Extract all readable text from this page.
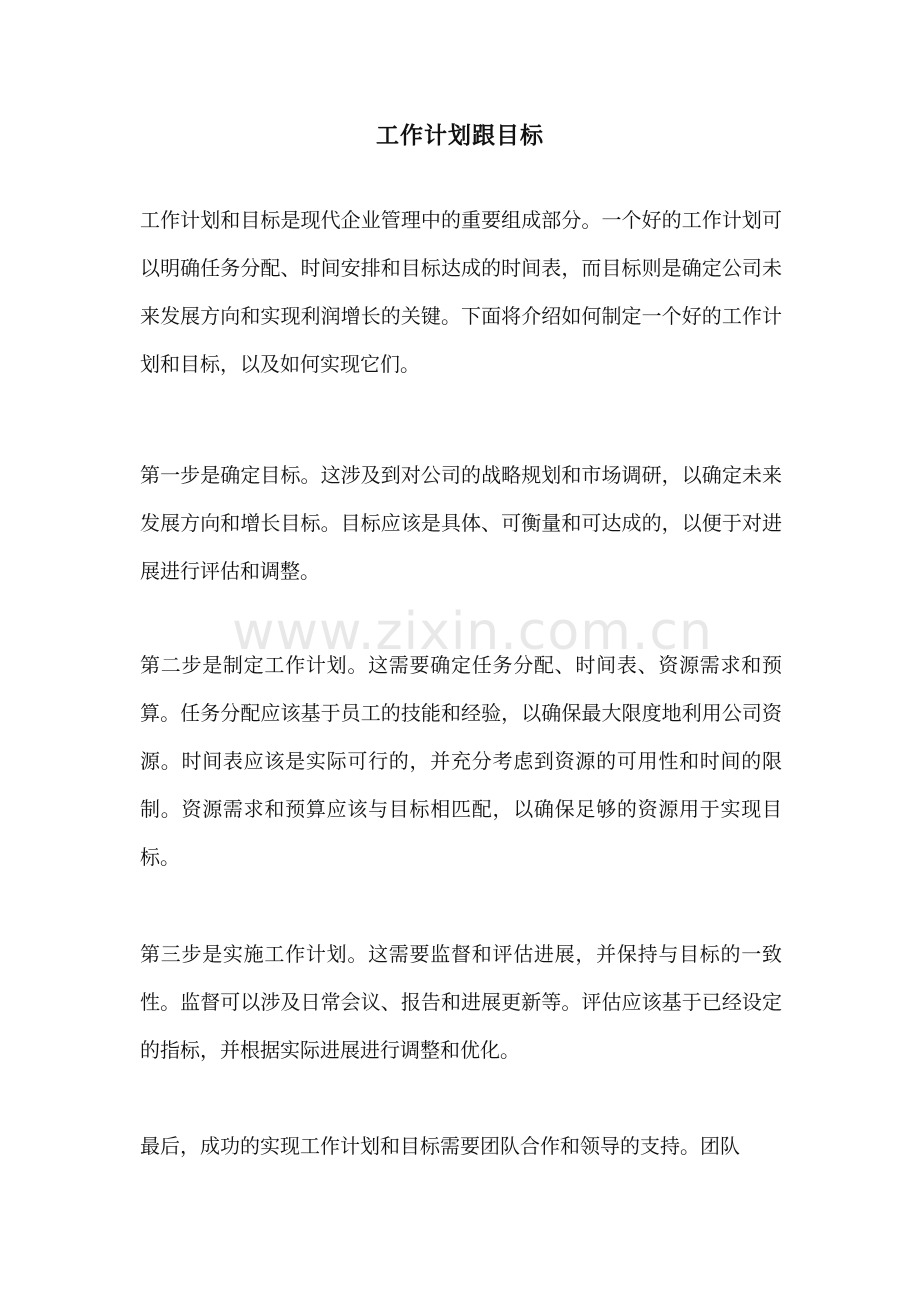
工作计划跟目标

工作计划和目标是现代企业管理中的重要组成部分。一个好的工作计划可以明确任务分配、时间安排和目标达成的时间表，而目标则是确定公司未来发展方向和实现利润增长的关键。下面将介绍如何制定一个好的工作计划和目标，以及如何实现它们。

第一步是确定目标。这涉及到对公司的战略规划和市场调研，以确定未来发展方向和增长目标。目标应该是具体、可衡量和可达成的，以便于对进展进行评估和调整。

第二步是制定工作计划。这需要确定任务分配、时间表、资源需求和预算。任务分配应该基于员工的技能和经验，以确保最大限度地利用公司资源。时间表应该是实际可行的，并充分考虑到资源的可用性和时间的限制。资源需求和预算应该与目标相匹配，以确保足够的资源用于实现目标。

第三步是实施工作计划。这需要监督和评估进展，并保持与目标的一致性。监督可以涉及日常会议、报告和进展更新等。评估应该基于已经设定的指标，并根据实际进展进行调整和优化。

最后，成功的实现工作计划和目标需要团队合作和领导的支持。团队

www.zixin.com.cn
